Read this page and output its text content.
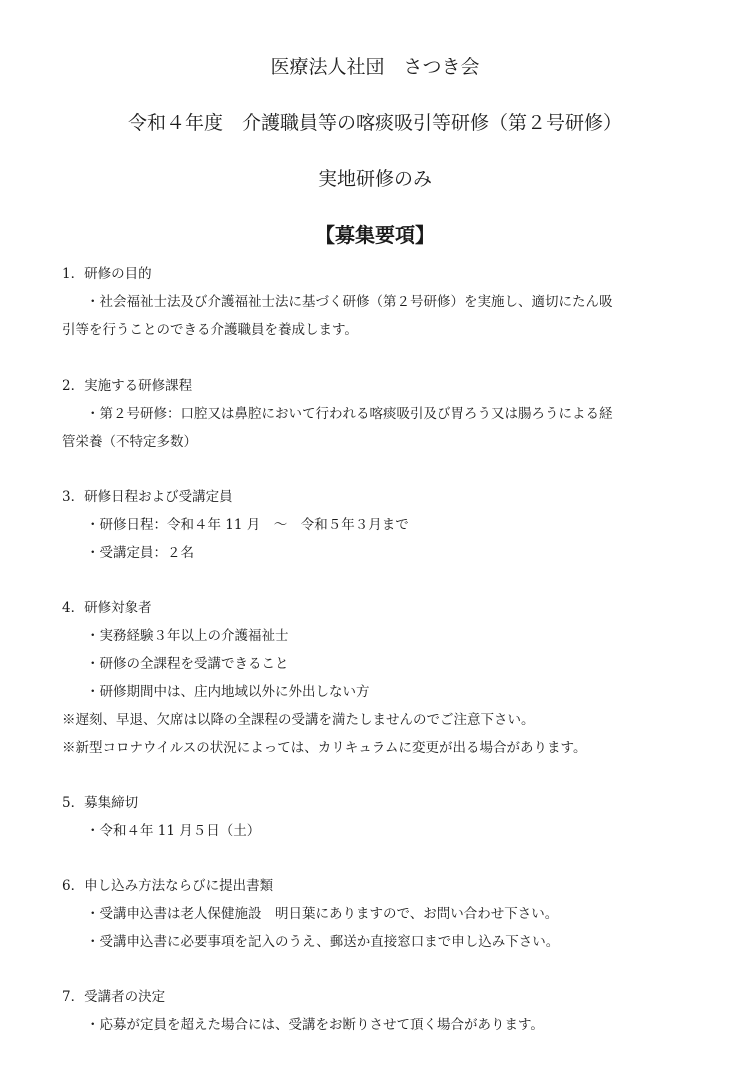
医療法人社団　さつき会
令和４年度　介護職員等の喀痰吸引等研修（第２号研修）
実地研修のみ
【募集要項】
1．研修の目的
・社会福祉士法及び介護福祉士法に基づく研修（第２号研修）を実施し、適切にたん吸
引等を行うことのできる介護職員を養成します。
2．実施する研修課程
・第２号研修：口腔又は鼻腔において行われる喀痰吸引及び胃ろう又は腸ろうによる経
管栄養（不特定多数）
3．研修日程および受講定員
・研修日程：令和４年 11 月　～　令和５年３月まで
・受講定員：２名
4．研修対象者
・実務経験３年以上の介護福祉士
・研修の全課程を受講できること
・研修期間中は、庄内地域以外に外出しない方
※遅刻、早退、欠席は以降の全課程の受講を満たしませんのでご注意下さい。
※新型コロナウイルスの状況によっては、カリキュラムに変更が出る場合があります。
5．募集締切
・令和４年 11 月５日（土）
6．申し込み方法ならびに提出書類
・受講申込書は老人保健施設　明日葉にありますので、お問い合わせ下さい。
・受講申込書に必要事項を記入のうえ、郵送か直接窓口まで申し込み下さい。
7．受講者の決定
・応募が定員を超えた場合には、受講をお断りさせて頂く場合があります。
